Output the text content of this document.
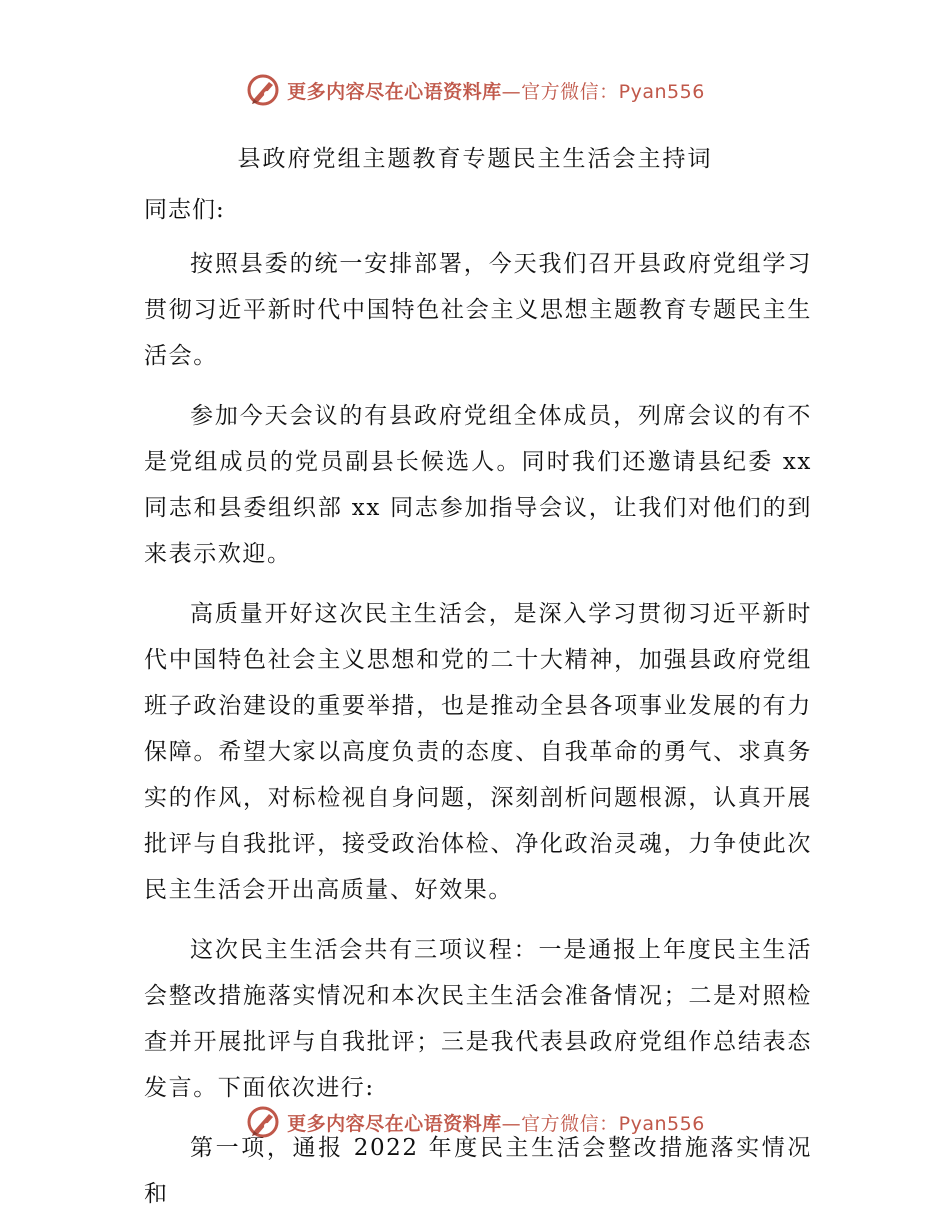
更多内容尽在心语资料库—官方微信：Pyan556
县政府党组主题教育专题民主生活会主持词
同志们:

按照县委的统一安排部署，今天我们召开县政府党组学习贯彻习近平新时代中国特色社会主义思想主题教育专题民主生活会。

参加今天会议的有县政府党组全体成员，列席会议的有不是党组成员的党员副县长候选人。同时我们还邀请县纪委 xx 同志和县委组织部 xx 同志参加指导会议，让我们对他们的到来表示欢迎。

高质量开好这次民主生活会，是深入学习贯彻习近平新时代中国特色社会主义思想和党的二十大精神，加强县政府党组班子政治建设的重要举措，也是推动全县各项事业发展的有力保障。希望大家以高度负责的态度、自我革命的勇气、求真务实的作风，对标检视自身问题，深刻剖析问题根源，认真开展批评与自我批评，接受政治体检、净化政治灵魂，力争使此次民主生活会开出高质量、好效果。

这次民主生活会共有三项议程：一是通报上年度民主生活会整改措施落实情况和本次民主生活会准备情况；二是对照检查并开展批评与自我批评；三是我代表县政府党组作总结表态发言。下面依次进行:

第一项，通报 2022 年度民主生活会整改措施落实情况和

更多内容尽在心语资料库—官方微信：Pyan556
